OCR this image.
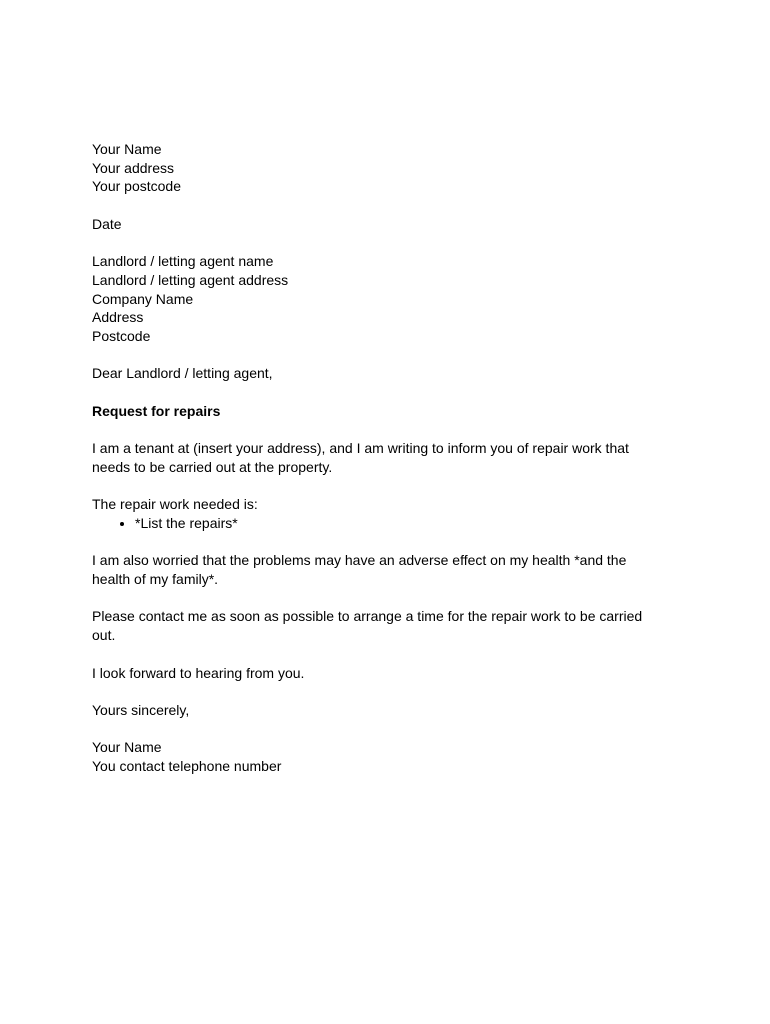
Your Name
Your address
Your postcode
Date
Landlord / letting agent name
Landlord / letting agent address
Company Name
Address
Postcode
Dear Landlord / letting agent,
Request for repairs
I am a tenant at (insert your address), and I am writing to inform you of repair work that needs to be carried out at the property.
The repair work needed is:
• *List the repairs*
I am also worried that the problems may have an adverse effect on my health *and the health of my family*.
Please contact me as soon as possible to arrange a time for the repair work to be carried out.
I look forward to hearing from you.
Yours sincerely,
Your Name
You contact telephone number
